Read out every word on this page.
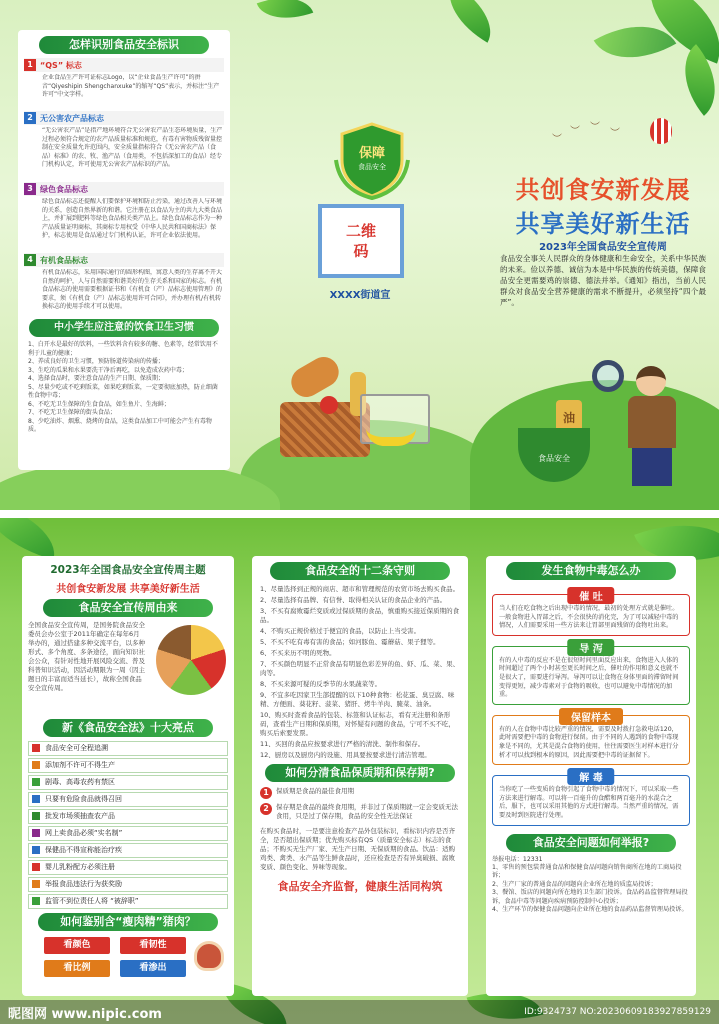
怎样识别食品安全标识
1 “QS” 标志
企业食品生产许可证标志Logo，以“企业食品生产许可”的拼音“Qiyeshipin Shengchanxuke”的缩写“QS”表示，并标注“生产许可”中文字样。
2 无公害农产品标志
“无公害农产品”是指产地环境符合无公害农产品生态环境质量，生产过程必须符合规定的农产品质量标准和规范，有毒有害物质残留量控制在安全质量允许范围内，安全质量指标符合《无公害农产品（食品）标准》的农、牧、渔产品（食用类，不包括深加工的食品）经专门机构认定，许可使用无公害农产品标识的产品。
3 绿色食品标志
绿色食品标志还提醒人们要保护环境和防止污染，通过改善人与环境的关系，创造自然界新的和谐。它注册在以食品为主的共九大类食品上，并扩展到肥料等绿色食品相关类产品上。绿色食品标志作为一种产品质量证明商标，其商标专用权受《中华人民共和国商标法》保护，标志使用是食品通过专门机构认证，许可企业依法使用。
4 有机食品标志
有机食品标志，采用国际通行的圆形构图，寓意人类的生存离不开大自然的呵护，人与自然需要和谐美好的生存关系和国家的标志。有机食品标志的使用需要根据证书和《有机食（产）品标志使用管理》的要求，须《有机食（产）品标志使用许可合同》，并办理有机/有机转换标志的使用手续才可以使用。
中小学生应注意的饮食卫生习惯
1、白开水是最好的饮料，一些饮料含有较多的糖、色素等，经常饮用不利于儿童的健康；
2、养成良好的卫生习惯，预防肠道传染病的传播；
3、生吃的瓜果和水果要洗干净后再吃，以免造成农药中毒；
4、选择食品时，要注意食品的生产日期、保质期；
5、尽量少吃或不吃剩饭菜，如果吃剩饭菜，一定要彻底加热，防止细菌性食物中毒；
6、不吃无卫生保障的生食食品，如生鱼片、生海鲜；
7、不吃无卫生保障的街头食品；
8、少吃油炸、烟熏、烧烤的食品，这类食品加工中可能会产生有毒物质。
保障
食品安全
二维码
XXXX街道宣
︶
︶ ︶
︶
共创食安新发展
共享美好新生活
2023年全国食品安全宣传周
食品安全事关人民群众的身体健康和生命安全，关系中华民族的未来。俭以养德、诚信为本是中华民族的传统美德，保障食品安全更需要鸡的崇德、德法并举。《通知》指出，当前人民群众对食品安全营养健康的需求不断提升，必须坚持“四个最严”。
油
食品安全
2023年全国食品安全宣传周主题
共创食安新发展 共享美好新生活
食品安全宣传周由来
全国食品安全宣传周，是国务院食品安全委员会办公室于2011年确定在每年6月举办的，通过搭建多种交流平台，以多种形式、多个角度、多条途径，面向知识社会公众，有针对性地开展风险交流、普及科普知识活动，因活动期限为一周（因主题日的丰富而适当延长），故称全国食品安全宣传周。
新《食品安全法》十大亮点
食品安全可全程追溯
添加剂不许可不得生产
剧毒、高毒农药有禁区
只要有危险食品就得召回
批发市场须抽查农产品
网上卖食品必须“实名制”
保健品不得宣称能治疗疾
婴儿乳粉配方必须注册
举报食品违法行为获奖励
监管不到位责任人将 “被辞职”
如何鉴别含“瘦肉精”猪肉？
看颜色	看韧性
看比例	看渗出
食品安全的十二条守则
1、尽量选择到正规的商店、超市和管理规范的农贸市场去购买食品。
2、尽量选择有品牌、有信誉、取得相关认证的食品企业的产品。
3、不买有腐败霉烂变质或过保质期的食品，慎重购买接近保质期的食品。
4、不购买正规价格过于便宜的食品，以防止上当受害。
5、不买不吃有毒有害的食品；如河豚鱼、霉蘑菇、果子狸等。
6、不买来历不明的死物。
7、不买颜色明显不正常食品有明显色彩差异的鱼、虾、瓜、菜、果、肉等。
8、不买来源可疑的反季节的水果蔬菜等。
9、不宜多吃因家卫生部提醒的以下10种食物：松花蛋、臭豆腐、味精、方便面、葵花籽、菠菜、猪肝、烤牛羊肉、腌菜、油条。
10、购买时查看食品的包装、标签和认证标志，看有无注册和条形码，查看生产日期和保质期，对怀疑有问题的食品，宁可不买不吃，购买后索要发票。
11、买回的食品应按要求进行严格的清洗、制作和保存。
12、厨房以及厨房内的设施、用具要按要求进行清洁管理。
如何分清食品保质期和保存期?
1	保质期是食品的最佳食用期
2	保存期是食品的最终食用期，并非过了保质期就一定会变质无法食用，只是过了保存期，食品的安全性无法保证
在购买食品时，一是要注意检查产品外包装标识，看标识内容是否齐全，是否超出保质期；优先购买标有QS（质量安全标志）标志的食品；不购买无生产厂家、无生产日期、无保质期的食品。饮品：适购鸡类、禽类、水产品等生鲜食品时，还应检查是否有异臭破损、腐败变质、颜色变化、异味等现象。
食品安全齐监督，健康生活同构筑
发生食物中毒怎么办
催 吐
当人们在吃食物之后出现中毒的情况，最初的处理方式就是催吐。一般食物进入胃部之后，不会很快的消化完，为了可以减轻中毒的情况，人们需要采用一些方法来让胃部里面残留的食物吐出来。
导 泻
有的人中毒的反应不是在很短时间里面反应出来，食物进入人体的时间超过了两个小时甚至更长时间之后，催吐的作用和意义也就不是很大了，需要进行导泻。导泻可以让食物在身体里面的滞留时间变得更短，减少毒素对于食物的吸收，也可以避免中毒情况的加重。
保留样本
有的人在食物中毒比较严重的情况，需要及时拨打急救电话120，此时需要把中毒的食物进行保留。由于不同的人遇到的食物中毒现象是不同的，尤其是混合食物的使用，往往需要医生对样本进行分析才可以找到根本的原因，因此需要把中毒的证据留下。
解 毒
当你吃了一些变质的食物引起了食物中毒的情况下，可以采取一些方法来进行解毒。可以将一百毫升的食醋和两百毫升的水混合之后，服下，也可以采用其他的方式进行解毒。当然严重的情况，需要及时到医院进行处理。
食品安全问题如何举报?
举报电话：12331
1、零售的预包装普通食品和保健食品问题向销售商所在地的工商局投诉；
2、生产厂家的普通食品的问题向企业所在地的质监局投诉；
3、餐馆、饭店的问题向所在地的卫生部门投诉。食品药品监督管理局投诉，食品中毒等问题向疾病预防控制中心投诉；
4、生产环节的保健食品问题向企业所在地的食品药品监督管理局投诉。
昵图网 www.nipic.com	ID:9324737 NO:20230609183927859129
